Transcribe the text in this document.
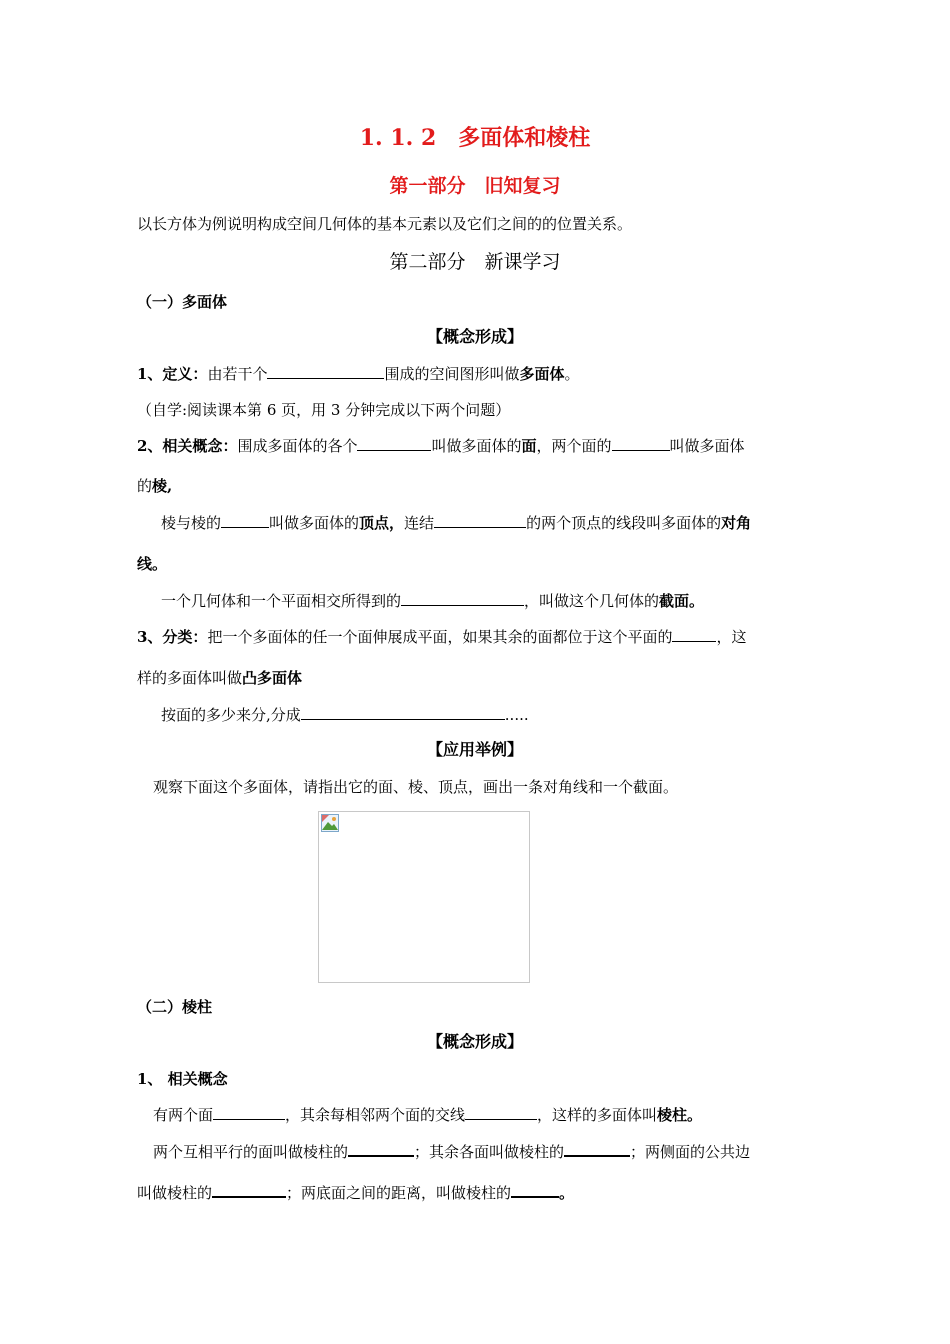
1. 1. 2　多面体和棱柱
第一部分　旧知复习
以长方体为例说明构成空间几何体的基本元素以及它们之间的的位置关系。
第二部分　新课学习
（一）多面体
【概念形成】
1、定义：由若干个	围成的空间图形叫做多面体。
（自学:阅读课本第 6 页，用 3 分钟完成以下两个问题）
2、相关概念：围成多面体的各个	叫做多面体的面，两个面的	叫做多面体
的棱,
棱与棱的	叫做多面体的顶点，连结	的两个顶点的线段叫多面体的对角
线。
一个几何体和一个平面相交所得到的	，叫做这个几何体的截面。
3、分类：把一个多面体的任一个面伸展成平面，如果其余的面都位于这个平面的	，这
样的多面体叫做凸多面体
按面的多少来分,分成	.....
【应用举例】
观察下面这个多面体，请指出它的面、棱、顶点，画出一条对角线和一个截面。
（二）棱柱
【概念形成】
1、 相关概念
有两个面	，其余每相邻两个面的交线	，这样的多面体叫棱柱。
两个互相平行的面叫做棱柱的	；其余各面叫做棱柱的	；两侧面的公共边
叫做棱柱的	；两底面之间的距离，叫做棱柱的	。
